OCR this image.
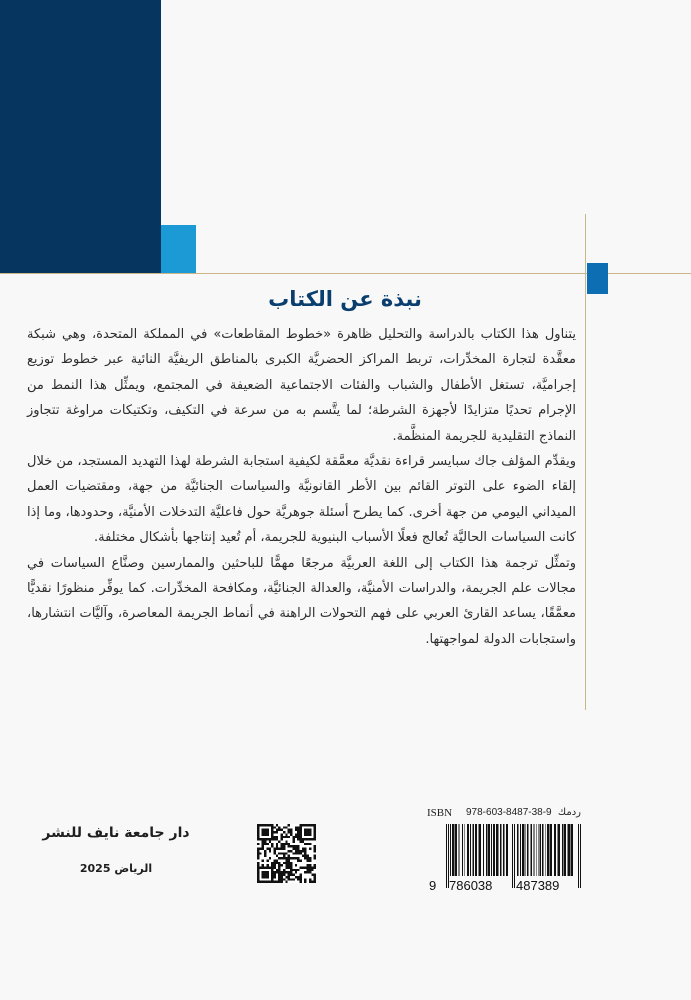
نبذة عن الكتاب

يتناول هذا الكتاب بالدراسة والتحليل ظاهرة «خطوط المقاطعات» في المملكة المتحدة، وهي شبكة معقَّدة لتجارة المخدِّرات، تربط المراكز الحضريَّة الكبرى بالمناطق الريفيَّة النائية عبر خطوط توزيع إجراميَّة، تستغل الأطفال والشباب والفئات الاجتماعية الضعيفة في المجتمع، ويمثِّل هذا النمط من الإجرام تحديًا متزايدًا لأجهزة الشرطة؛ لما يتَّسم به من سرعة في التكيف، وتكتيكات مراوغة تتجاوز النماذج التقليدية للجريمة المنظَّمة.

ويقدِّم المؤلف جاك سبايسر قراءة نقديَّة معمَّقة لكيفية استجابة الشرطة لهذا التهديد المستجد، من خلال إلقاء الضوء على التوتر القائم بين الأطر القانونيَّة والسياسات الجنائيَّة من جهة، ومقتضيات العمل الميداني اليومي من جهة أخرى. كما يطرح أسئلة جوهريَّة حول فاعليَّة التدخلات الأمنيَّة، وحدودها، وما إذا كانت السياسات الحاليَّة تُعالج فعلًا الأسباب البنيوية للجريمة، أم تُعيد إنتاجها بأشكال مختلفة.

وتمثِّل ترجمة هذا الكتاب إلى اللغة العربيَّة مرجعًا مهمًّا للباحثين والممارسين وصنَّاع السياسات في مجالات علم الجريمة، والدراسات الأمنيَّة، والعدالة الجنائيَّة، ومكافحة المخدِّرات. كما يوفِّر منظورًا نقديًّا معمَّقًا، يساعد القارئ العربي على فهم التحولات الراهنة في أنماط الجريمة المعاصرة، وآليَّات انتشارها، واستجابات الدولة لمواجهتها.

دار جامعة نايف للنشر
الرياض 2025
ISBN 978-603-8487-38-9 ردمك
9 786038 487389
